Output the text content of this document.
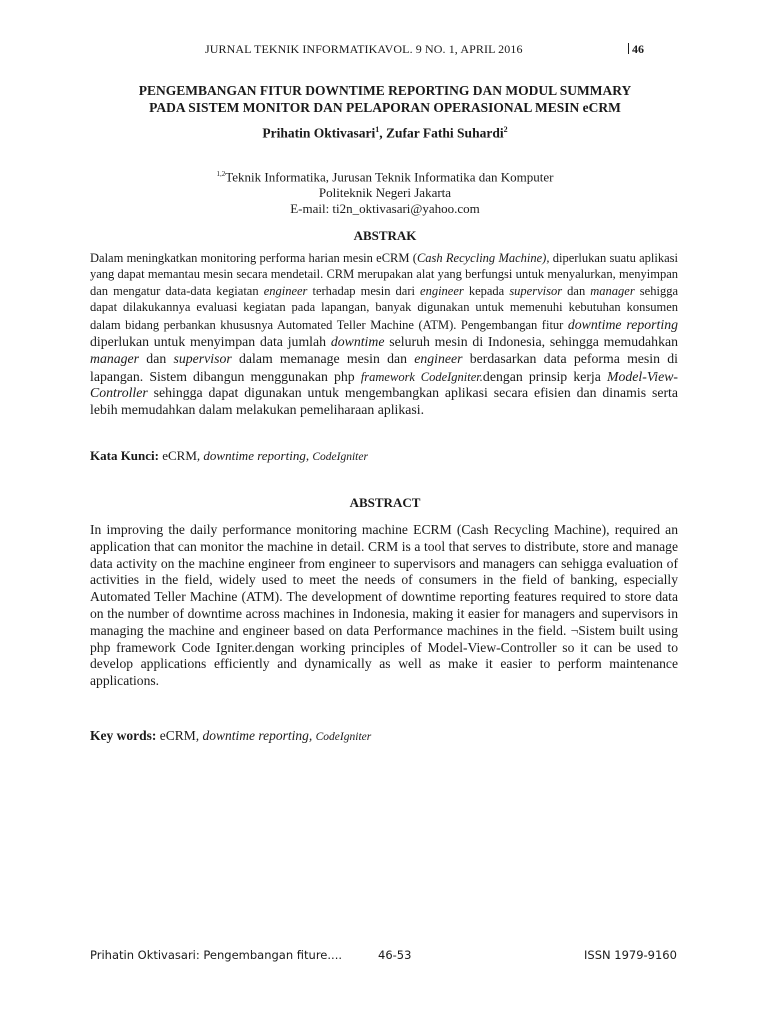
JURNAL TEKNIK INFORMATIKAVOL. 9 NO. 1, APRIL 2016	46
PENGEMBANGAN FITUR DOWNTIME REPORTING DAN MODUL SUMMARY
PADA SISTEM MONITOR DAN PELAPORAN OPERASIONAL MESIN eCRM
Prihatin Oktivasari$^1$, Zufar Fathi Suhardi$^2$
$^{1,2}$Teknik Informatika, Jurusan Teknik Informatika dan Komputer
Politeknik Negeri Jakarta
E-mail: ti2n_oktivasari@yahoo.com
ABSTRAK
Dalam meningkatkan monitoring performa harian mesin eCRM (Cash Recycling Machine), diperlukan suatu aplikasi yang dapat memantau mesin secara mendetail. CRM merupakan alat yang berfungsi untuk menyalurkan, menyimpan dan mengatur data-data kegiatan engineer terhadap mesin dari engineer kepada supervisor dan manager sehigga dapat dilakukannya evaluasi kegiatan pada lapangan, banyak digunakan untuk memenuhi kebutuhan konsumen dalam bidang perbankan khususnya Automated Teller Machine (ATM). Pengembangan fitur downtime reporting diperlukan untuk menyimpan data jumlah downtime seluruh mesin di Indonesia, sehingga memudahkan manager dan supervisor dalam memanage mesin dan engineer berdasarkan data peforma mesin di lapangan. Sistem dibangun menggunakan php framework CodeIgniter.dengan prinsip kerja Model-View-Controller sehingga dapat digunakan untuk mengembangkan aplikasi secara efisien dan dinamis serta lebih memudahkan dalam melakukan pemeliharaan aplikasi.
Kata Kunci: eCRM, downtime reporting, CodeIgniter
ABSTRACT
In improving the daily performance monitoring machine ECRM (Cash Recycling Machine), required an application that can monitor the machine in detail. CRM is a tool that serves to distribute, store and manage data activity on the machine engineer from engineer to supervisors and managers can sehigga evaluation of activities in the field, widely used to meet the needs of consumers in the field of banking, especially Automated Teller Machine (ATM). The development of downtime reporting features required to store data on the number of downtime across machines in Indonesia, making it easier for managers and supervisors in managing the machine and engineer based on data Performance machines in the field. ¬Sistem built using php framework Code Igniter.dengan working principles of Model-View-Controller so it can be used to develop applications efficiently and dynamically as well as make it easier to perform maintenance applications.
Key words: eCRM, downtime reporting, CodeIgniter
Prihatin Oktivasari: Pengembangan fiture....	46-53	ISSN 1979-9160
